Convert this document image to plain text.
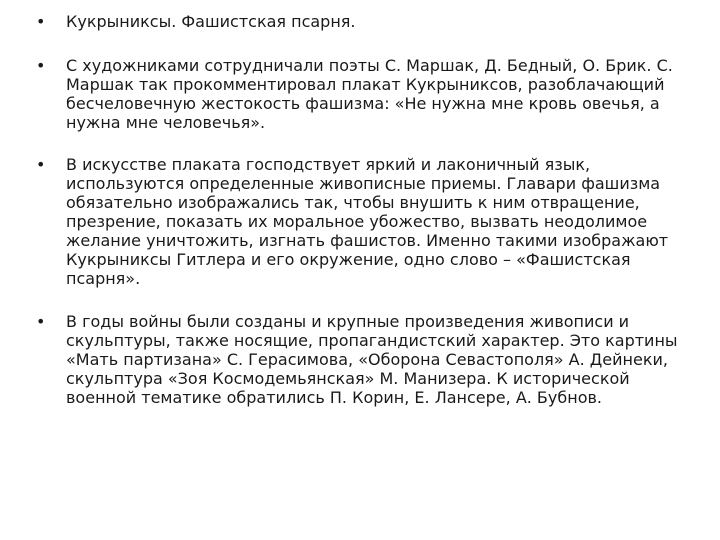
•	Кукрыниксы. Фашистская псарня.
•	С художниками сотрудничали поэты С. Маршак, Д. Бедный, О. Брик. С. Маршак так прокомментировал плакат Кукрыниксов, разоблачающий бесчеловечную жестокость фашизма: «Не нужна мне кровь овечья, а нужна мне человечья».
•	В искусстве плаката господствует яркий и лаконичный язык, используются определенные живописные приемы. Главари фашизма обязательно изображались так, чтобы внушить к ним отвращение, презрение, показать их моральное убожество, вызвать неодолимое желание уничтожить, изгнать фашистов. Именно такими изображают Кукрыниксы Гитлера и его окружение, одно слово – «Фашистская псарня».
•	В годы войны были созданы и крупные произведения живописи и скульптуры, также носящие, пропагандистский характер. Это картины «Мать партизана» С. Герасимова, «Оборона Севастополя» А. Дейнеки, скульптура «Зоя Космодемьянская» М. Манизера. К исторической военной тематике обратились П. Корин, Е. Лансере, А. Бубнов.
